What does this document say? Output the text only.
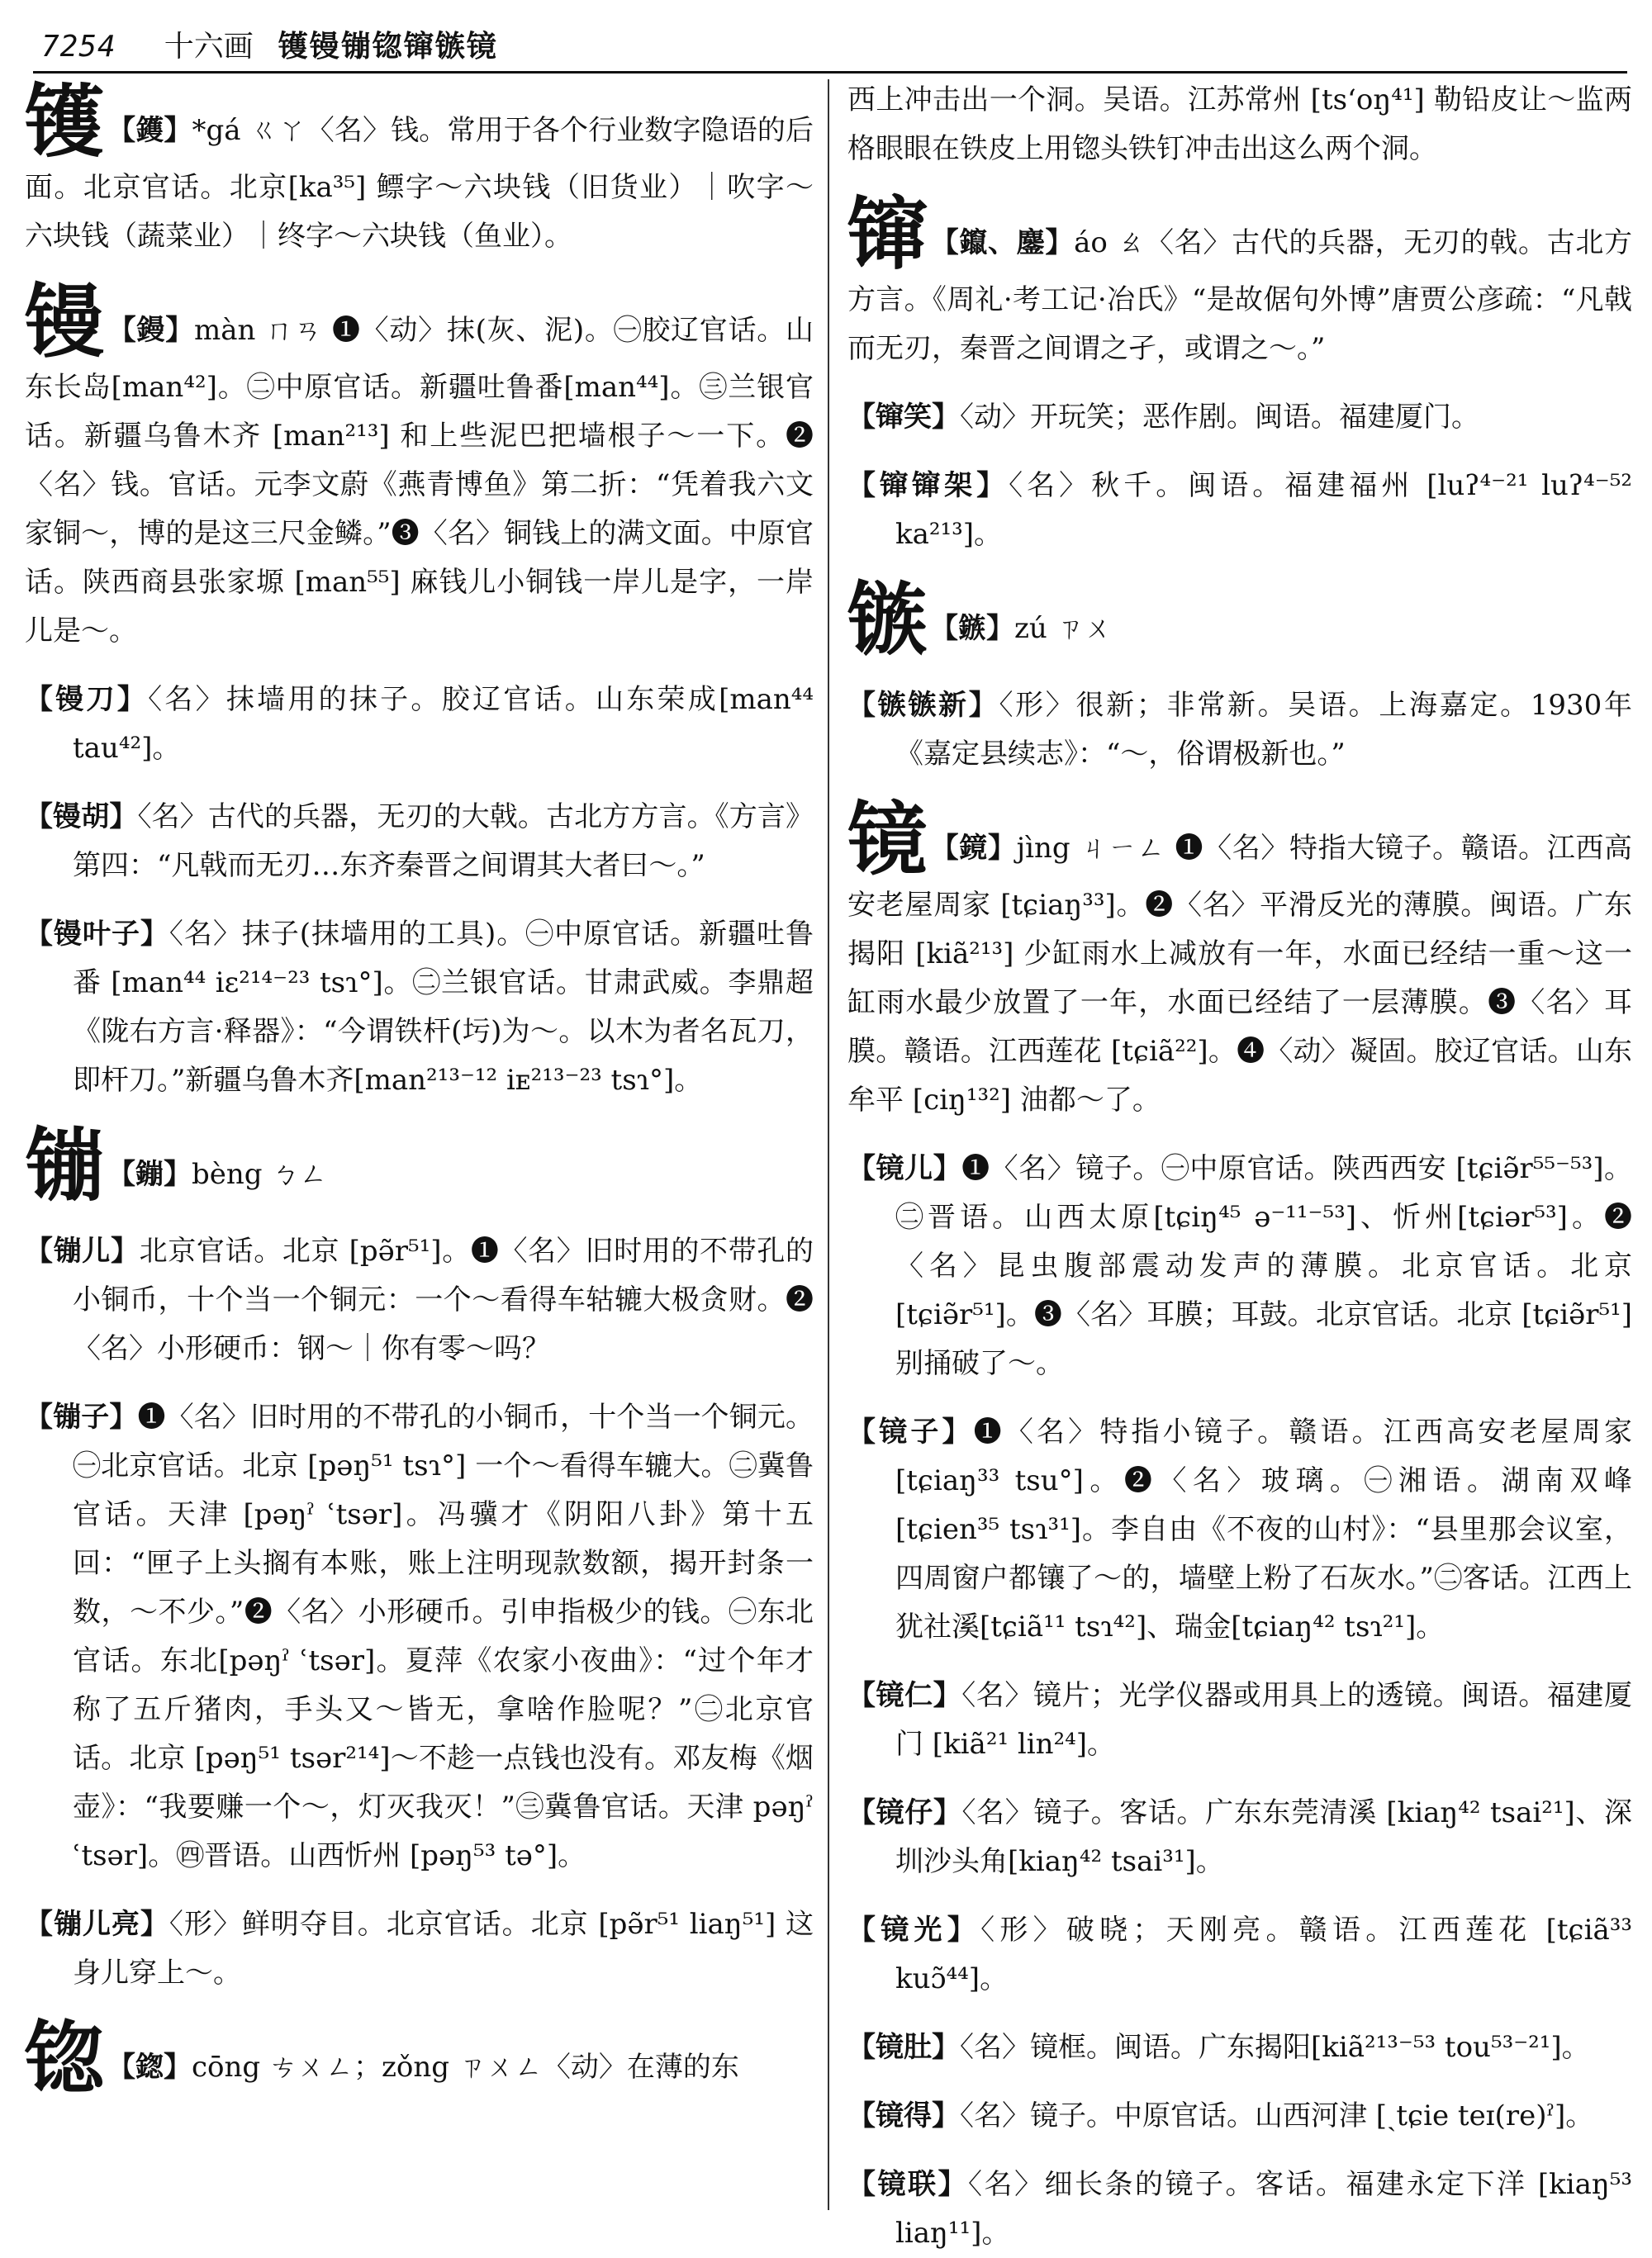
7254 十六画 镬镘镚锪镩镞镜
镬 【鑊】*gá ㄍㄚ〈名〉钱。常用于各个行业数字隐语的后面。北京官话。北京[ka³⁵] 鳔字～六块钱（旧货业）｜吹字～六块钱（蔬菜业）｜终字～六块钱（鱼业）。
镘 【鏝】màn ㄇㄢ ❶〈动〉抹(灰、泥)。㊀胶辽官话。山东长岛[man⁴²]。㊁中原官话。新疆吐鲁番[man⁴⁴]。㊂兰银官话。新疆乌鲁木齐 [man²¹³] 和上些泥巴把墙根子～一下。❷〈名〉钱。官话。元李文蔚《燕青博鱼》第二折：“凭着我六文家铜～，博的是这三尺金鳞。”❸〈名〉铜钱上的满文面。中原官话。陕西商县张家塬 [man⁵⁵] 麻钱儿小铜钱一岸儿是字，一岸儿是～。
【镘刀】〈名〉抹墙用的抹子。胶辽官话。山东荣成[man⁴⁴ tau⁴²]。
【镘胡】〈名〉古代的兵器，无刃的大戟。古北方方言。《方言》第四：“凡戟而无刃…东齐秦晋之间谓其大者曰～。”
【镘叶子】〈名〉抹子(抹墙用的工具)。㊀中原官话。新疆吐鲁番 [man⁴⁴ iɛ²¹⁴⁻²³ tsɿ°]。㊁兰银官话。甘肃武威。李鼎超《陇右方言·释器》：“今谓铁杆(圬)为～。以木为者名瓦刀，即杆刀。”新疆乌鲁木齐[man²¹³⁻¹² iᴇ²¹³⁻²³ tsɿ°]。
镚 【鏰】bèng ㄅㄥ
【镚儿】北京官话。北京 [pə̃r⁵¹]。❶〈名〉旧时用的不带孔的小铜币，十个当一个铜元：一个～看得车轱辘大极贪财。❷〈名〉小形硬币：钢～｜你有零～吗？
【镚子】❶〈名〉旧时用的不带孔的小铜币，十个当一个铜元。㊀北京官话。北京 [pəŋ⁵¹ tsɿ°] 一个～看得车辘大。㊁冀鲁官话。天津 [pəŋˀ ʿtsər]。冯骥才《阴阳八卦》第十五回：“匣子上头搁有本账，账上注明现款数额，揭开封条一数，～不少。”❷〈名〉小形硬币。引申指极少的钱。㊀东北官话。东北[pəŋˀ ʿtsər]。夏萍《农家小夜曲》：“过个年才称了五斤猪肉，手头又～皆无，拿啥作脸呢？”㊁北京官话。北京 [pəŋ⁵¹ tsər²¹⁴]～不趁一点钱也没有。邓友梅《烟壶》：“我要赚一个～，灯灭我灭！”㊂冀鲁官话。天津 pəŋˀ ʿtsər]。㊃晋语。山西忻州 [pəŋ⁵³ tə°]。
【镚儿亮】〈形〉鲜明夺目。北京官话。北京 [pə̃r⁵¹ liaŋ⁵¹] 这身儿穿上～。
锪 【鍯】cōng ㄘㄨㄥ；zǒng ㄗㄨㄥ〈动〉在薄的东
西上冲击出一个洞。吴语。江苏常州 [tsʻoŋ⁴¹] 勒铅皮让～监两格眼眼在铁皮上用锪头铁钉冲击出这么两个洞。
镩 【鑹、鏖】áo ㄠ〈名〉古代的兵器，无刃的戟。古北方方言。《周礼·考工记·冶氏》“是故倨句外博”唐贾公彦疏：“凡戟而无刃，秦晋之间谓之孑，或谓之～。”
【镩笑】〈动〉开玩笑；恶作剧。闽语。福建厦门。
【镩镩架】〈名〉秋千。闽语。福建福州 [luʔ⁴⁻²¹ luʔ⁴⁻⁵² ka²¹³]。
镞 【鏃】zú ㄗㄨ
【镞镞新】〈形〉很新；非常新。吴语。上海嘉定。1930年《嘉定县续志》：“～，俗谓极新也。”
镜 【鏡】jìng ㄐㄧㄥ ❶〈名〉特指大镜子。赣语。江西高安老屋周家 [tɕiaŋ³³]。❷〈名〉平滑反光的薄膜。闽语。广东揭阳 [kiã²¹³] 少缸雨水上减放有一年，水面已经结一重～这一缸雨水最少放置了一年，水面已经结了一层薄膜。❸〈名〉耳膜。赣语。江西莲花 [tɕiã²²]。❹〈动〉凝固。胶辽官话。山东牟平 [ciŋ¹³²] 油都～了。
【镜儿】❶〈名〉镜子。㊀中原官话。陕西西安 [tɕiə̃r⁵⁵⁻⁵³]。㊁晋语。山西太原[tɕiŋ⁴⁵ ə⁻¹¹⁻⁵³]、忻州[tɕiər⁵³]。❷〈名〉昆虫腹部震动发声的薄膜。北京官话。北京[tɕiə̃r⁵¹]。❸〈名〉耳膜；耳鼓。北京官话。北京 [tɕiə̃r⁵¹] 别捅破了～。
【镜子】❶〈名〉特指小镜子。赣语。江西高安老屋周家 [tɕiaŋ³³ tsu°]。❷〈名〉玻璃。㊀湘语。湖南双峰 [tɕien³⁵ tsɿ³¹]。李自由《不夜的山村》：“县里那会议室，四周窗户都镶了～的，墙壁上粉了石灰水。”㊁客话。江西上犹社溪[tɕiã¹¹ tsɿ⁴²]、瑞金[tɕiaŋ⁴² tsɿ²¹]。
【镜仁】〈名〉镜片；光学仪器或用具上的透镜。闽语。福建厦门 [kiã²¹ lin²⁴]。
【镜仔】〈名〉镜子。客话。广东东莞清溪 [kiaŋ⁴² tsai²¹]、深圳沙头角[kiaŋ⁴² tsai³¹]。
【镜光】〈形〉破晓；天刚亮。赣语。江西莲花 [tɕiã³³ kuɔ̃⁴⁴]。
【镜肚】〈名〉镜框。闽语。广东揭阳[kiã²¹³⁻⁵³ tou⁵³⁻²¹]。
【镜得】〈名〉镜子。中原官话。山西河津 [ˏtɕie teɪ(re)ˀ]。
【镜联】〈名〉细长条的镜子。客话。福建永定下洋 [kiaŋ⁵³ liaŋ¹¹]。
